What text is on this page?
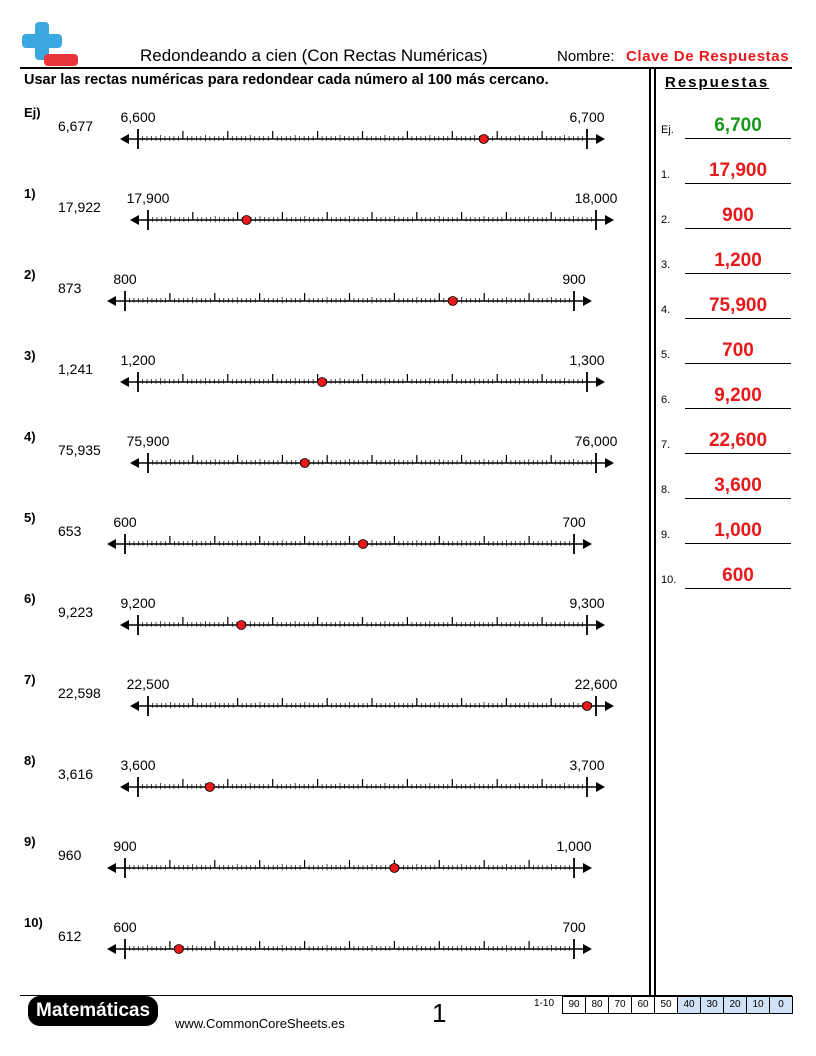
Redondeando a cien (Con Rectas Numéricas)	Nombre: Clave De Respuestas
Usar las rectas numéricas para redondear cada número al 100 más cercano.	Respuestas
Ej)
6,677
6,600	6,700
1)
17,922
17,900	18,000
2)
873
800	900
3)
1,241
1,200	1,300
4)
75,935
75,900	76,000
5)
653
600	700
6)
9,223
9,200	9,300
7)
22,598
22,500	22,600
8)
3,616
3,600	3,700
9)
960
900	1,000
10)
612
600	700
Ej.	6,700
1.	17,900
2.	900
3.	1,200
4.	75,900
5.	700
6.	9,200
7.	22,600
8.	3,600
9.	1,000
10.	600
Matemáticas
www.CommonCoreSheets.es	1	1-10	90	80	70	60	50	40	30	20	10	0
